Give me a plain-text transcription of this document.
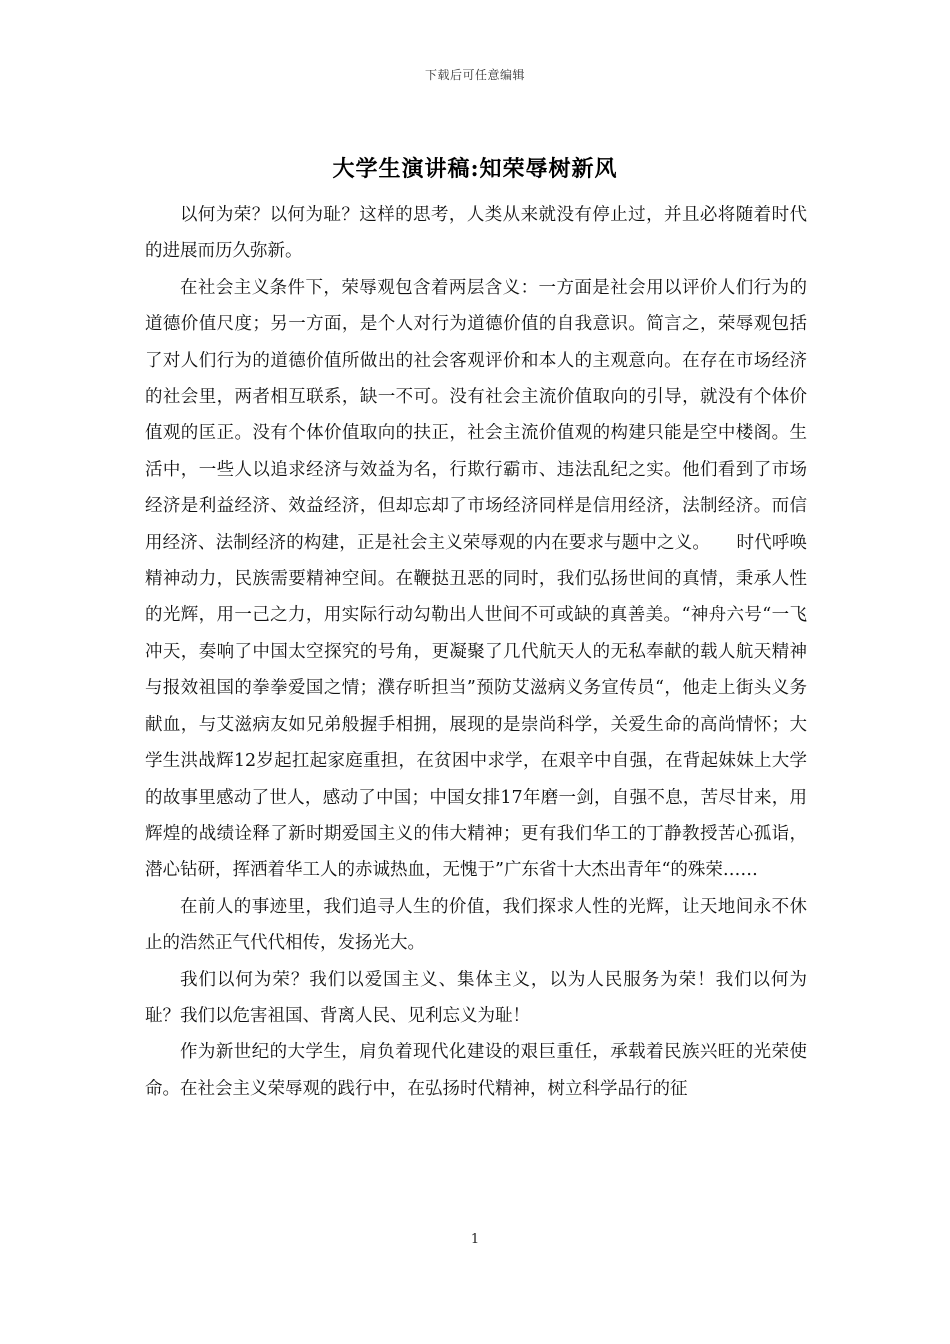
下载后可任意编辑
大学生演讲稿:知荣辱树新风

以何为荣？以何为耻？这样的思考，人类从来就没有停止过，并且必将随着时代的进展而历久弥新。

在社会主义条件下，荣辱观包含着两层含义：一方面是社会用以评价人们行为的道德价值尺度；另一方面，是个人对行为道德价值的自我意识。简言之，荣辱观包括了对人们行为的道德价值所做出的社会客观评价和本人的主观意向。在存在市场经济的社会里，两者相互联系，缺一不可。没有社会主流价值取向的引导，就没有个体价值观的匡正。没有个体价值取向的扶正，社会主流价值观的构建只能是空中楼阁。生活中，一些人以追求经济与效益为名，行欺行霸市、违法乱纪之实。他们看到了市场经济是利益经济、效益经济，但却忘却了市场经济同样是信用经济，法制经济。而信用经济、法制经济的构建，正是社会主义荣辱观的内在要求与题中之义。　　时代呼唤精神动力，民族需要精神空间。在鞭挞丑恶的同时，我们弘扬世间的真情，秉承人性的光辉，用一己之力，用实际行动勾勒出人世间不可或缺的真善美。“神舟六号“一飞冲天，奏响了中国太空探究的号角，更凝聚了几代航天人的无私奉献的载人航天精神与报效祖国的拳拳爱国之情；濮存昕担当”预防艾滋病义务宣传员“，他走上街头义务献血，与艾滋病友如兄弟般握手相拥，展现的是崇尚科学，关爱生命的高尚情怀；大学生洪战辉12岁起扛起家庭重担，在贫困中求学，在艰辛中自强，在背起妹妹上大学的故事里感动了世人，感动了中国；中国女排17年磨一剑，自强不息，苦尽甘来，用辉煌的战绩诠释了新时期爱国主义的伟大精神；更有我们华工的丁静教授苦心孤诣，潜心钻研，挥洒着华工人的赤诚热血，无愧于”广东省十大杰出青年“的殊荣……

在前人的事迹里，我们追寻人生的价值，我们探求人性的光辉，让天地间永不休止的浩然正气代代相传，发扬光大。

我们以何为荣？我们以爱国主义、集体主义，以为人民服务为荣！我们以何为耻？我们以危害祖国、背离人民、见利忘义为耻！

作为新世纪的大学生，肩负着现代化建设的艰巨重任，承载着民族兴旺的光荣使命。在社会主义荣辱观的践行中，在弘扬时代精神，树立科学品行的征

1
